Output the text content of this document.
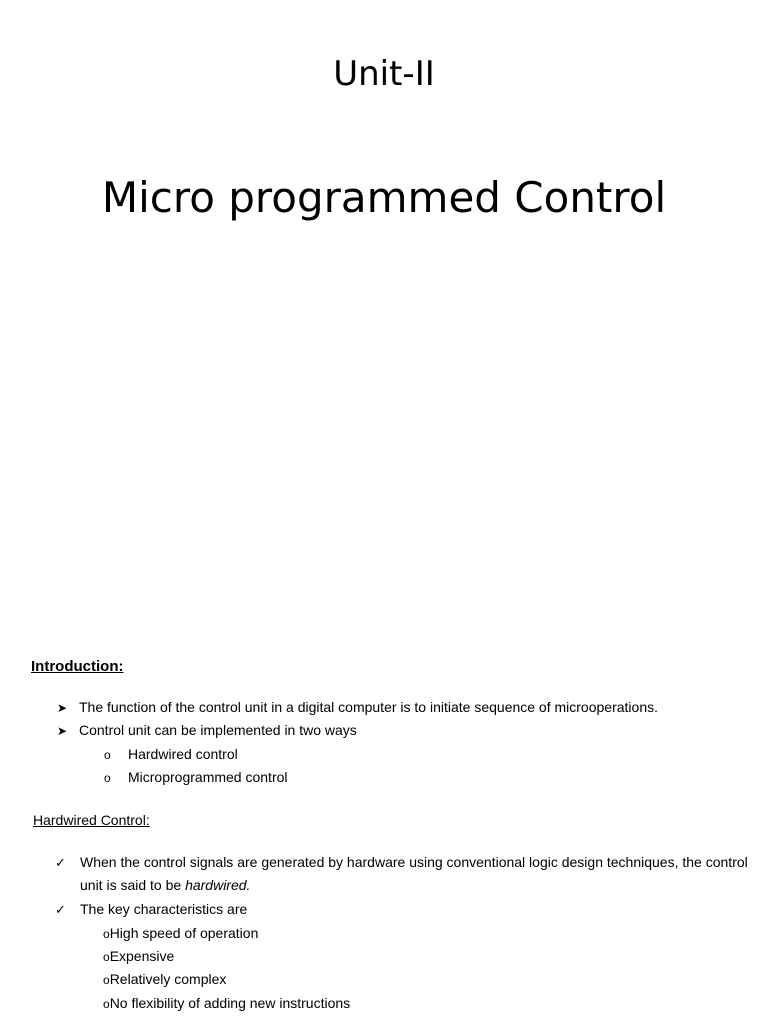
Unit-II
Micro programmed Control
Introduction:
➤ The function of the control unit in a digital computer is to initiate sequence of microoperations.
➤ Control unit can be implemented in two ways
o Hardwired control
o Microprogrammed control
Hardwired Control:
✓ When the control signals are generated by hardware using conventional logic design techniques, the control
unit is said to be hardwired.
✓ The key characteristics are
oHigh speed of operation
oExpensive
oRelatively complex
oNo flexibility of adding new instructions
